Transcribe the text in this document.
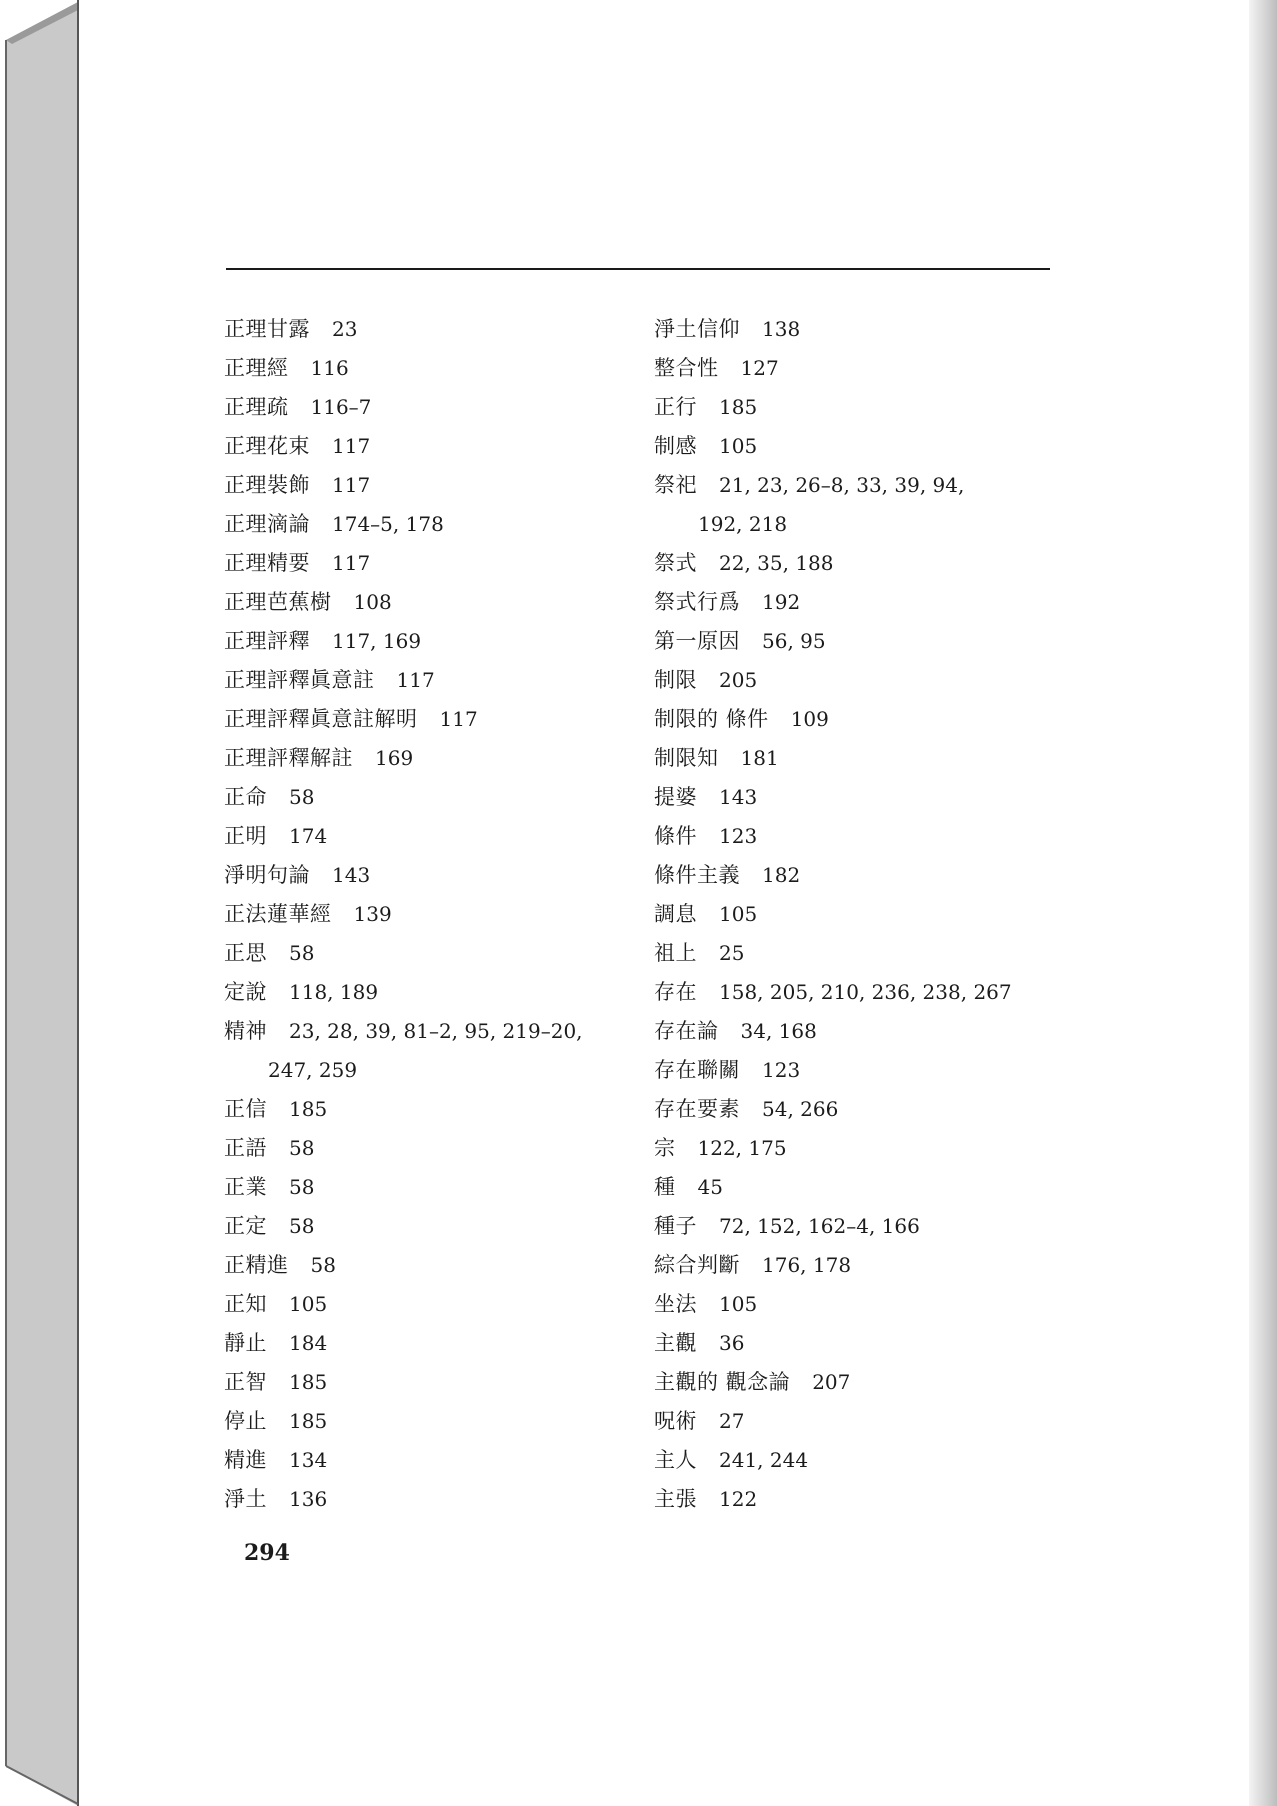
正理甘露 23
正理經 116
正理疏 116–7
正理花束 117
正理裝飾 117
正理滴論 174–5, 178
正理精要 117
正理芭蕉樹 108
正理評釋 117, 169
正理評釋眞意註 117
正理評釋眞意註解明 117
正理評釋解註 169
正命 58
正明 174
淨明句論 143
正法蓮華經 139
正思 58
定說 118, 189
精神 23, 28, 39, 81–2, 95, 219–20,
247, 259
正信 185
正語 58
正業 58
正定 58
正精進 58
正知 105
靜止 184
正智 185
停止 185
精進 134
淨土 136
淨土信仰 138
整合性 127
正行 185
制感 105
祭祀 21, 23, 26–8, 33, 39, 94,
192, 218
祭式 22, 35, 188
祭式行爲 192
第一原因 56, 95
制限 205
制限的 條件 109
制限知 181
提婆 143
條件 123
條件主義 182
調息 105
祖上 25
存在 158, 205, 210, 236, 238, 267
存在論 34, 168
存在聯關 123
存在要素 54, 266
宗 122, 175
種 45
種子 72, 152, 162–4, 166
綜合判斷 176, 178
坐法 105
主觀 36
主觀的 觀念論 207
呪術 27
主人 241, 244
主張 122
294
